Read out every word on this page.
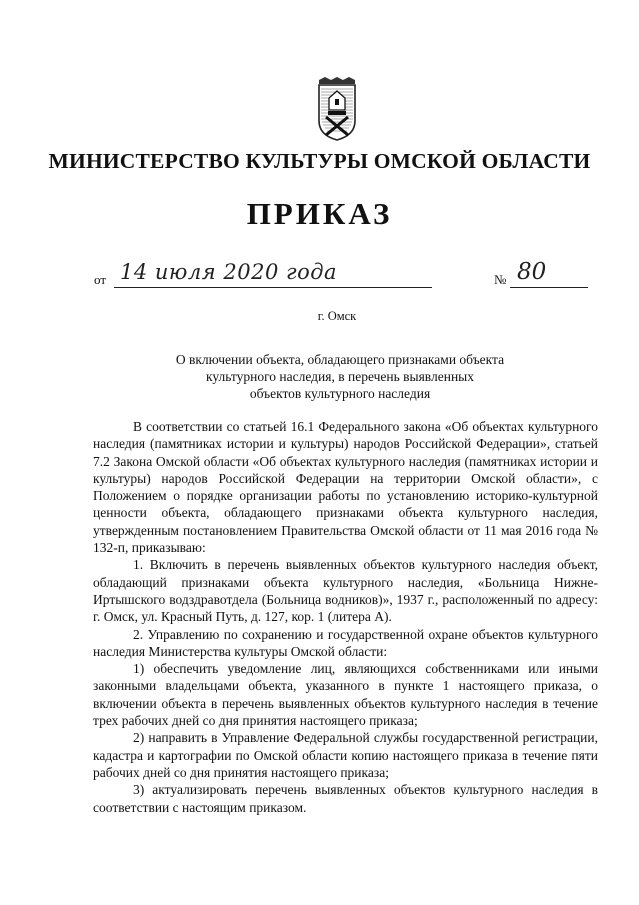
МИНИСТЕРСТВО КУЛЬТУРЫ ОМСКОЙ ОБЛАСТИ
ПРИКАЗ
от 14 июля 2020 года	№ 80
г. Омск
О включении объекта, обладающего признаками объекта
культурного наследия, в перечень выявленных
объектов культурного наследия

В соответствии со статьей 16.1 Федерального закона «Об объектах культурного наследия (памятниках истории и культуры) народов Российской Федерации», статьей 7.2 Закона Омской области «Об объектах культурного наследия (памятниках истории и культуры) народов Российской Федерации на территории Омской области», с Положением о порядке организации работы по установлению историко-культурной ценности объекта, обладающего признаками объекта культурного наследия, утвержденным постановлением Правительства Омской области от 11 мая 2016 года № 132-п, приказываю:

1. Включить в перечень выявленных объектов культурного наследия объект, обладающий признаками объекта культурного наследия, «Больница Нижне-Иртышского водздравотдела (Больница водников)», 1937 г., расположенный по адресу: г. Омск, ул. Красный Путь, д. 127, кор. 1 (литера А).

2. Управлению по сохранению и государственной охране объектов культурного наследия Министерства культуры Омской области:

1) обеспечить уведомление лиц, являющихся собственниками или иными законными владельцами объекта, указанного в пункте 1 настоящего приказа, о включении объекта в перечень выявленных объектов культурного наследия в течение трех рабочих дней со дня принятия настоящего приказа;

2) направить в Управление Федеральной службы государственной регистрации, кадастра и картографии по Омской области копию настоящего приказа в течение пяти рабочих дней со дня принятия настоящего приказа;

3) актуализировать перечень выявленных объектов культурного наследия в соответствии с настоящим приказом.
